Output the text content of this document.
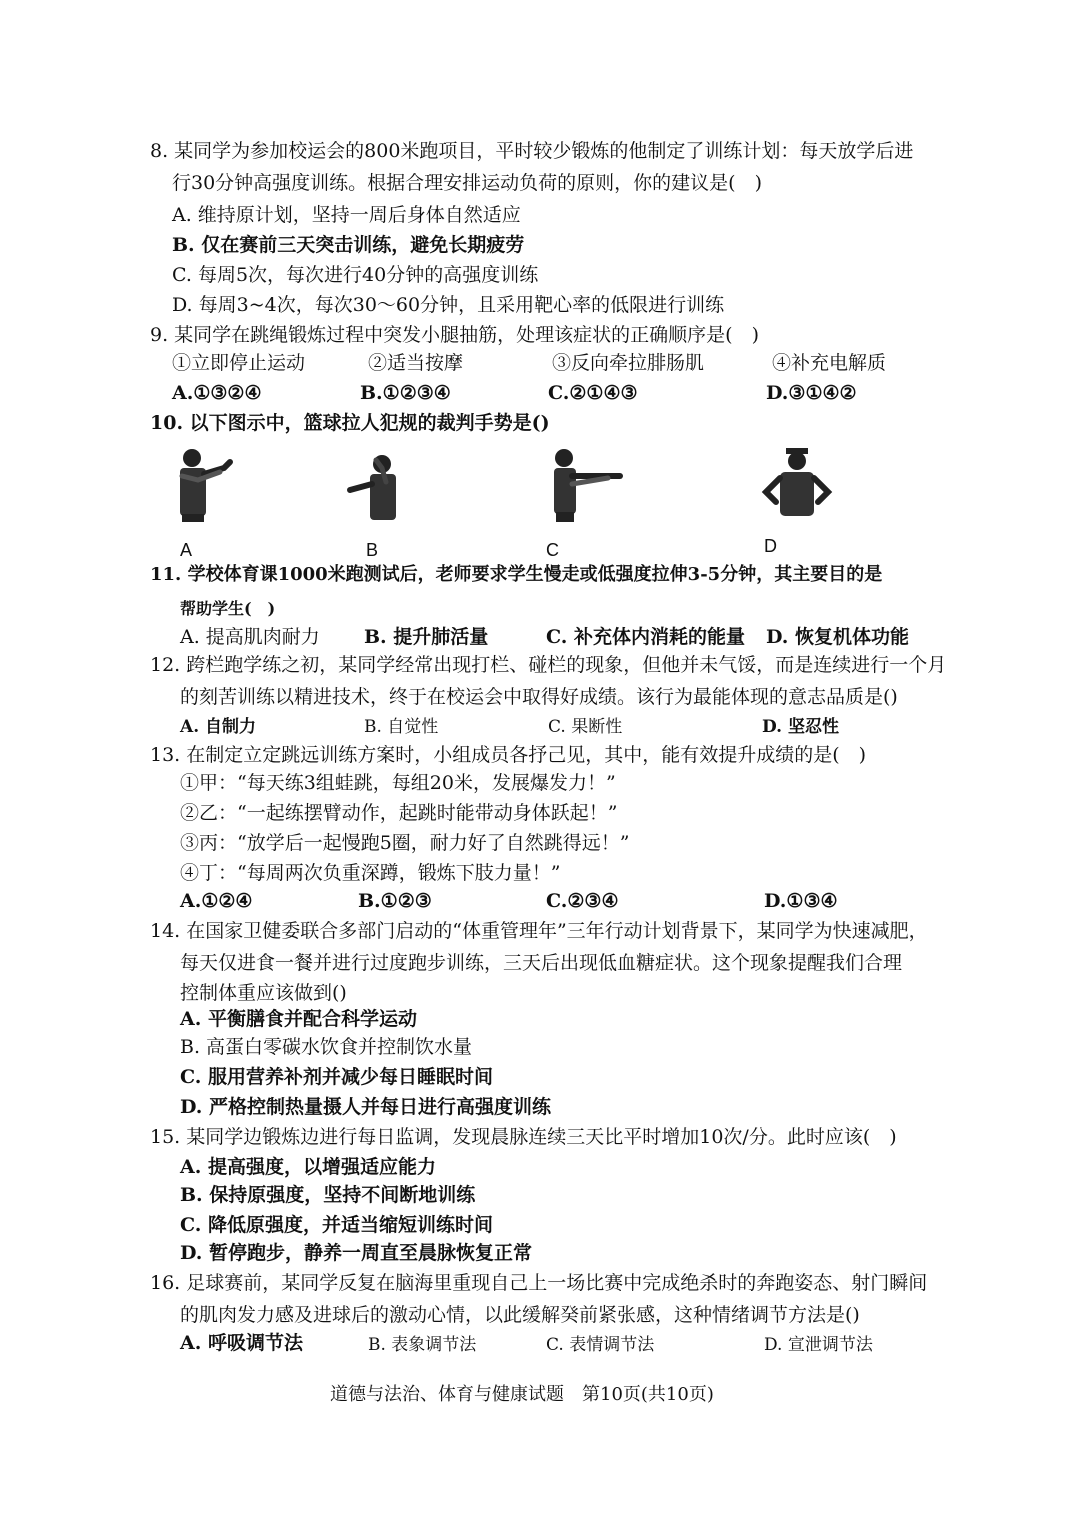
8. 某同学为参加校运会的800米跑项目，平时较少锻炼的他制定了训练计划：每天放学后进
行30分钟高强度训练。根据合理安排运动负荷的原则，你的建议是(　)
A. 维持原计划，坚持一周后身体自然适应
B. 仅在赛前三天突击训练，避免长期疲劳
C. 每周5次，每次进行40分钟的高强度训练
D. 每周3~4次，每次30～60分钟，且采用靶心率的低限进行训练
9. 某同学在跳绳锻炼过程中突发小腿抽筋，处理该症状的正确顺序是(　)
①立即停止运动	②适当按摩	③反向牵拉腓肠肌	④补充电解质
A.①③②④	B.①②③④	C.②①④③	D.③①④②
10. 以下图示中，篮球拉人犯规的裁判手势是()
A	B	C	D
11. 学校体育课1000米跑测试后，老师要求学生慢走或低强度拉伸3-5分钟，其主要目的是
帮助学生(　)
A. 提高肌肉耐力 B. 提升肺活量	C. 补充体内消耗的能量 D. 恢复机体功能
12. 跨栏跑学练之初，某同学经常出现打栏、碰栏的现象，但他并未气馁，而是连续进行一个月
的刻苦训练以精进技术，终于在校运会中取得好成绩。该行为最能体现的意志品质是()
A. 自制力	B. 自觉性	C. 果断性	D. 坚忍性
13. 在制定立定跳远训练方案时，小组成员各抒己见，其中，能有效提升成绩的是(　)
①甲：“每天练3组蛙跳，每组20米，发展爆发力！”
②乙：“一起练摆臂动作，起跳时能带动身体跃起！”
③丙：“放学后一起慢跑5圈，耐力好了自然跳得远！”
④丁：“每周两次负重深蹲，锻炼下肢力量！”
A.①②④	B.①②③	C.②③④	D.①③④
14. 在国家卫健委联合多部门启动的“体重管理年”三年行动计划背景下，某同学为快速减肥，
每天仅进食一餐并进行过度跑步训练，三天后出现低血糖症状。这个现象提醒我们合理
控制体重应该做到()
A. 平衡膳食并配合科学运动
B. 高蛋白零碳水饮食并控制饮水量
C. 服用营养补剂并减少每日睡眠时间
D. 严格控制热量摄人并每日进行高强度训练
15. 某同学边锻炼边进行每日监调，发现晨脉连续三天比平时增加10次/分。此时应该(　)
A. 提高强度，以增强适应能力
B. 保持原强度，坚持不间断地训练
C. 降低原强度，并适当缩短训练时间
D. 暂停跑步，静养一周直至晨脉恢复正常
16. 足球赛前，某同学反复在脑海里重现自己上一场比赛中完成绝杀时的奔跑姿态、射门瞬间
的肌肉发力感及进球后的激动心情，以此缓解癸前紧张感，这种情绪调节方法是()
A. 呼吸调节法	B. 表象调节法	C. 表情调节法	D. 宣泄调节法
道德与法治、体育与健康试题　第10页(共10页)
